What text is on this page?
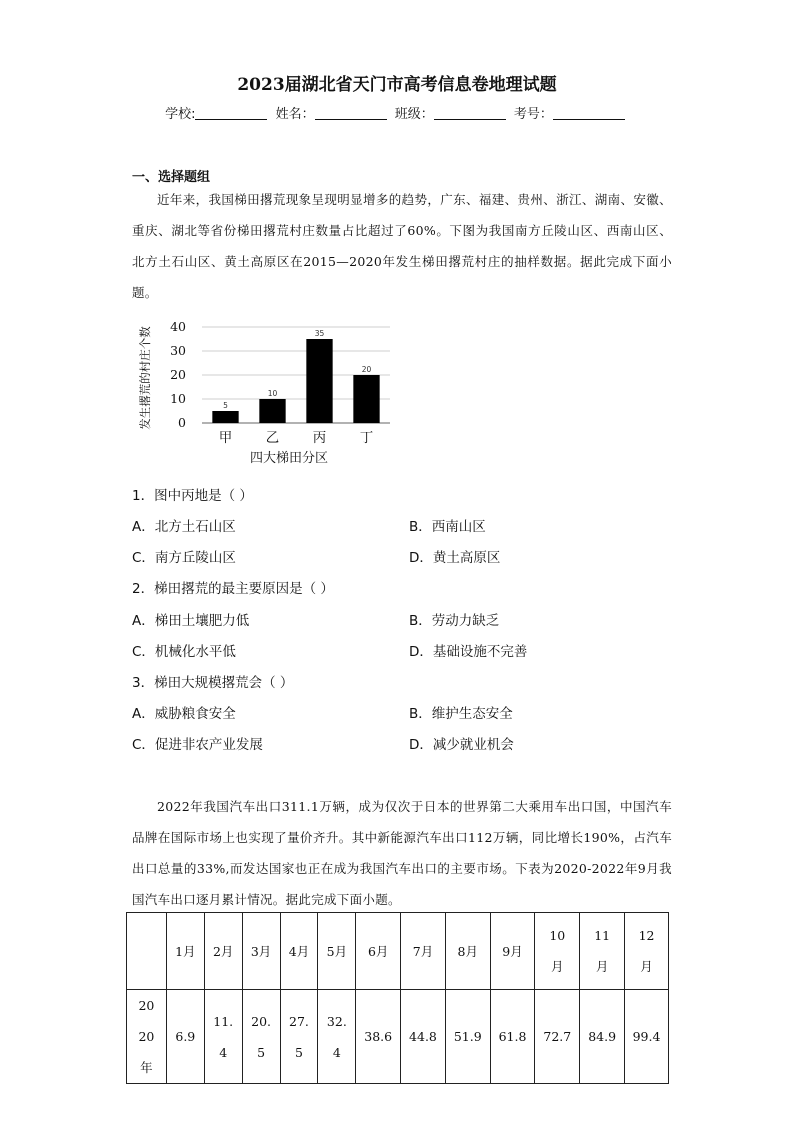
2023届湖北省天门市高考信息卷地理试题
学校:	姓名：	班级：	考号：
一、选择题组
近年来，我国梯田撂荒现象呈现明显增多的趋势，广东、福建、贵州、浙江、湖南、安徽、重庆、湖北等省份梯田撂荒村庄数量占比超过了60%。下图为我国南方丘陵山区、西南山区、北方土石山区、黄土高原区在2015—2020年发生梯田撂荒村庄的抽样数据。据此完成下面小题。
0
10
20
30
40
5
甲
10
乙
35
丙
20
丁
发生撂荒的村庄个数
四大梯田分区
1．图中丙地是（ ）
A．北方土石山区	B．西南山区
C．南方丘陵山区	D．黄土高原区
2．梯田撂荒的最主要原因是（ ）
A．梯田土壤肥力低	B．劳动力缺乏
C．机械化水平低	D．基础设施不完善
3．梯田大规模撂荒会（ ）
A．威胁粮食安全	B．维护生态安全
C．促进非农产业发展	D．减少就业机会
2022年我国汽车出口311.1万辆，成为仅次于日本的世界第二大乘用车出口国，中国汽车品牌在国际市场上也实现了量价齐升。其中新能源汽车出口112万辆，同比增长190%，占汽车出口总量的33%,而发达国家也正在成为我国汽车出口的主要市场。下表为2020-2022年9月我国汽车出口逐月累计情况。据此完成下面小题。
	1月	2月	3月	4月	5月	6月	7月	8月	9月	10月	11月	12月
2020年	6.9	11.4	20.5	27.5	32.4	38.6	44.8	51.9	61.8	72.7	84.9	99.4
